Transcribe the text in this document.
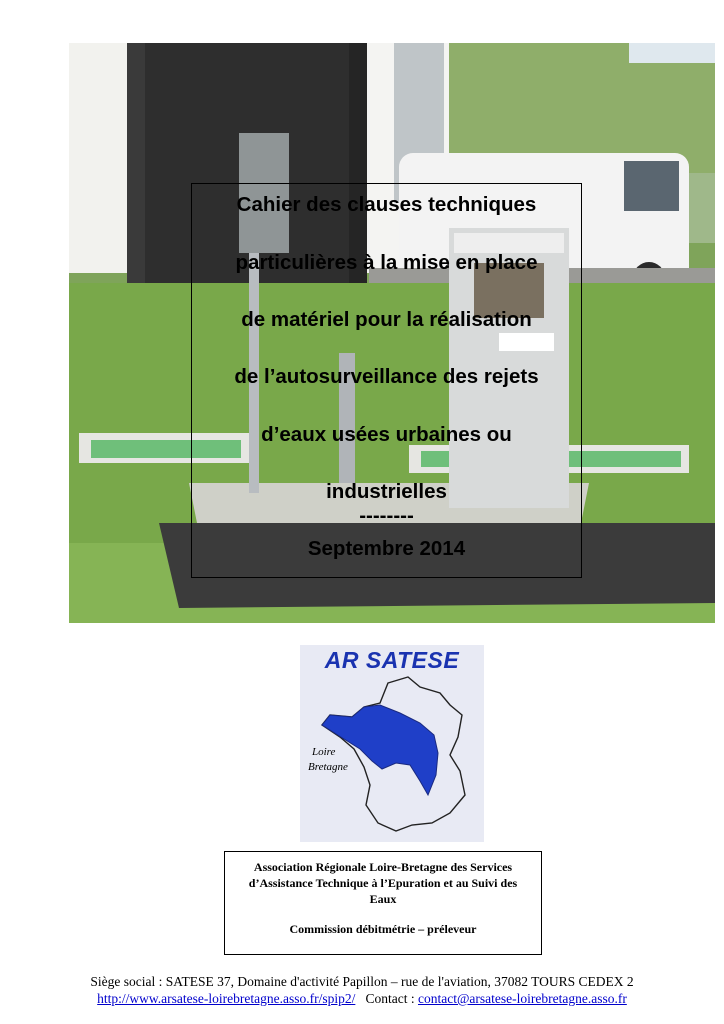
Cahier des clauses techniques
particulières à la mise en place
de matériel pour la réalisation
de l’autosurveillance des rejets
d’eaux usées urbaines ou
industrielles
--------
Septembre 2014
AR SATESE
Loire
Bretagne
Association Régionale Loire-Bretagne des Services d’Assistance Technique à l’Epuration et au Suivi des Eaux
Commission débitmétrie – préleveur
Siège social : SATESE 37, Domaine d'activité Papillon – rue de l'aviation, 37082 TOURS CEDEX 2
http://www.arsatese-loirebretagne.asso.fr/spip2/ Contact : contact@arsatese-loirebretagne.asso.fr
